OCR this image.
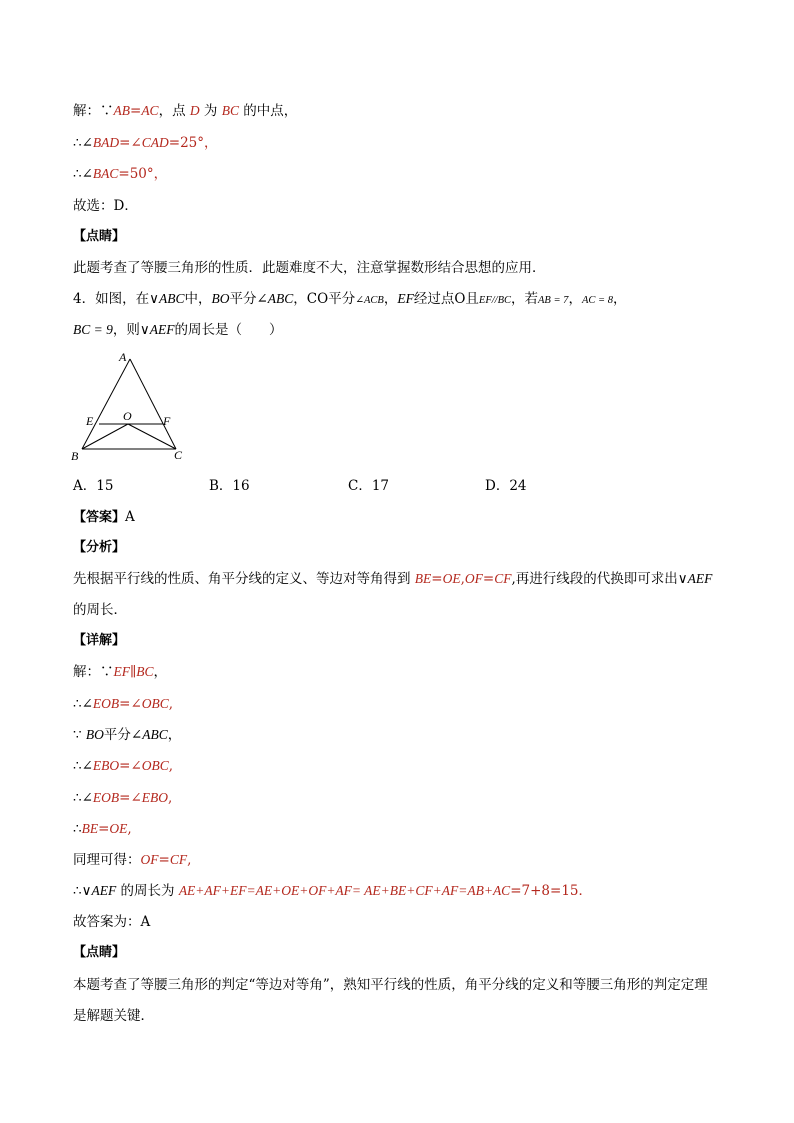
解：∵AB=AC，点 D 为 BC 的中点，
∴∠BAD=∠CAD=25°，
∴∠BAC=50°，
故选：D．
【点睛】
此题考查了等腰三角形的性质．此题难度不大，注意掌握数形结合思想的应用．
4．如图，在∨ABC中，BO平分∠ABC，CO平分∠ACB，EF经过点O且EF//BC，若AB = 7，AC = 8，
BC = 9，则∨AEF的周长是（　　）
A
E O	F
B	C
A．15	B．16	C．17	D．24
【答案】A
【分析】
先根据平行线的性质、角平分线的定义、等边对等角得到 BE=OE,OF=CF,再进行线段的代换即可求出∨AEF
的周长．
【详解】
解：∵EF∥BC，
∴∠EOB=∠OBC,
∵ BO平分∠ABC，
∴∠EBO=∠OBC,
∴∠EOB=∠EBO,
∴BE=OE,
同理可得：OF=CF,
∴∨AEF 的周长为 AE+AF+EF=AE+OE+OF+AF= AE+BE+CF+AF=AB+AC=7+8=15．
故答案为：A
【点睛】
本题考查了等腰三角形的判定“等边对等角”，熟知平行线的性质，角平分线的定义和等腰三角形的判定定理
是解题关键．
